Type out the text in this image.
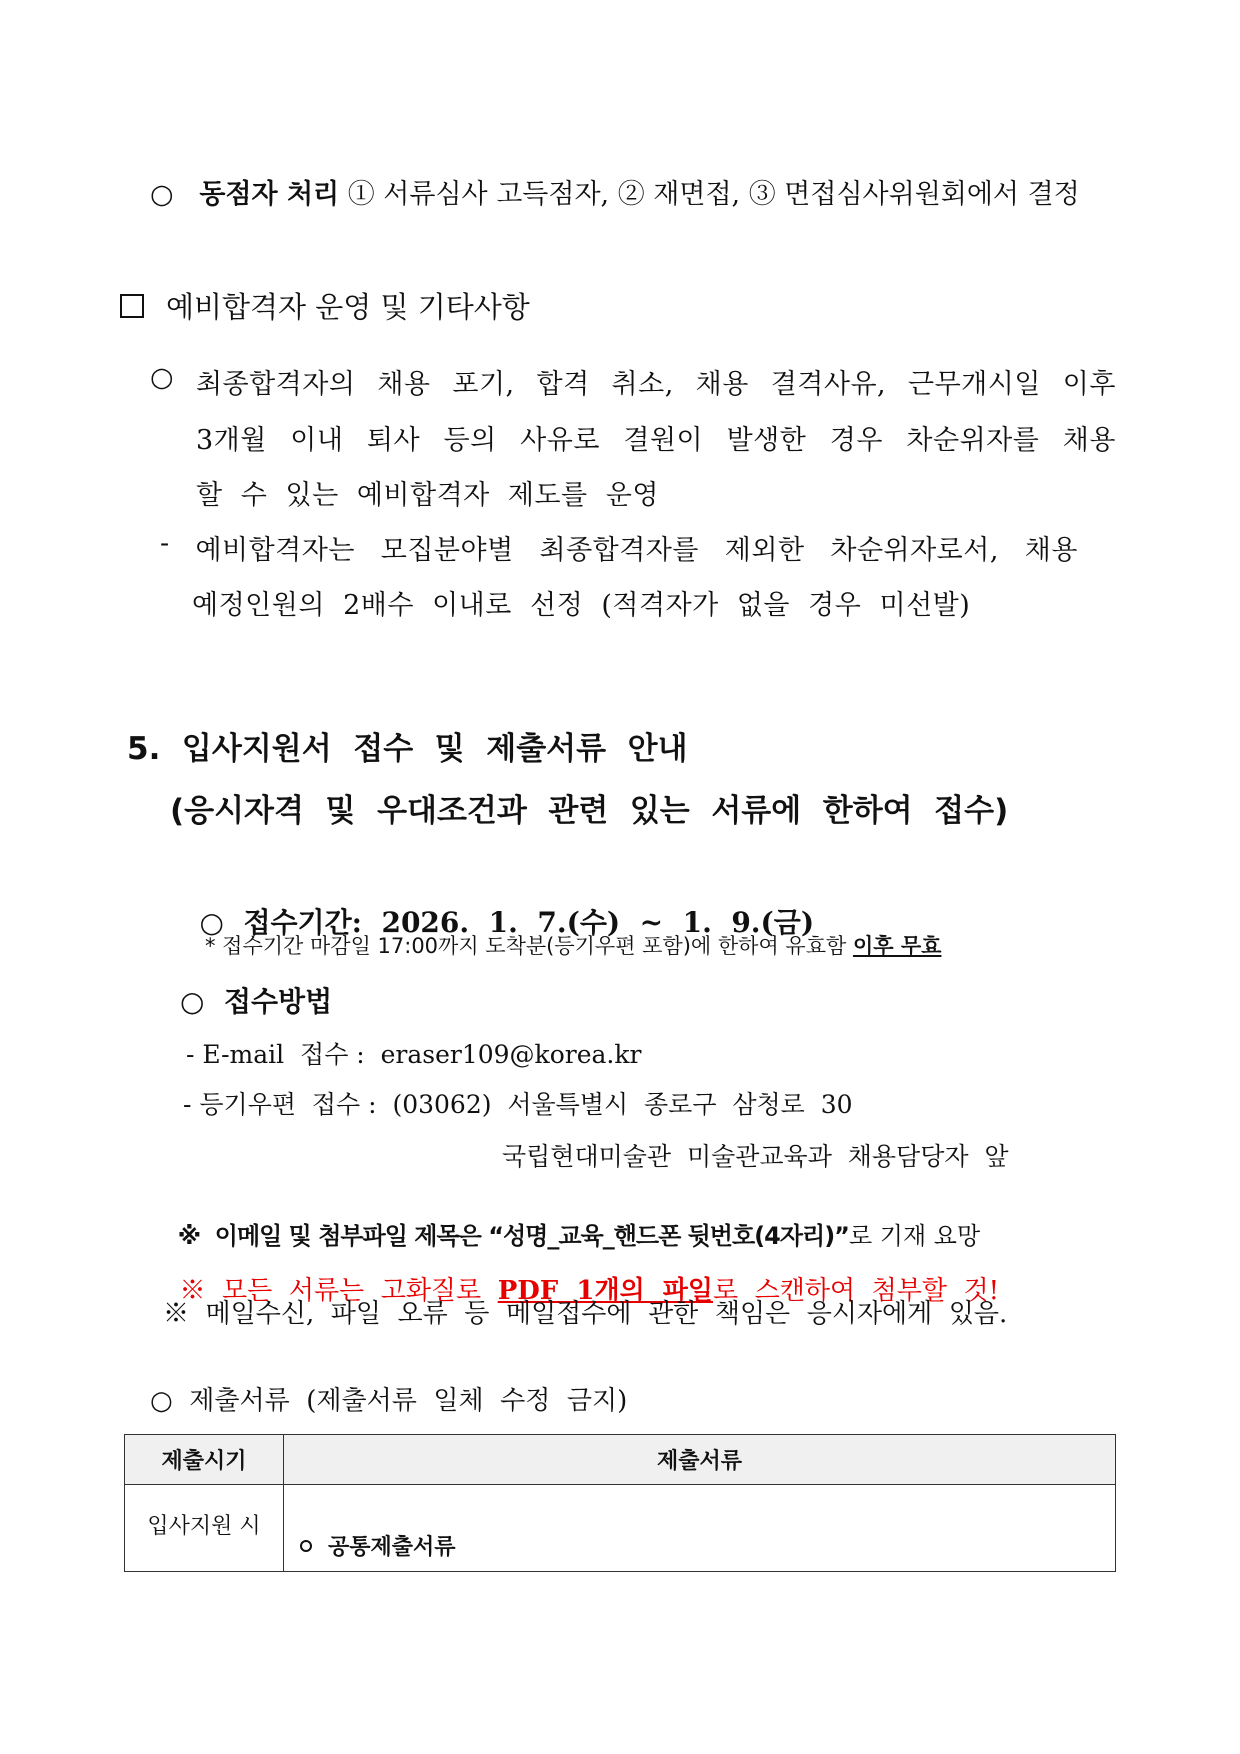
○ 동점자 처리 ① 서류심사 고득점자, ② 재면접, ③ 면접심사위원회에서 결정
예비합격자 운영 및 기타사항
○ 최종합격자의 채용 포기, 합격 취소, 채용 결격사유, 근무개시일 이후
3개월 이내 퇴사 등의 사유로 결원이 발생한 경우 차순위자를 채용
할  수  있는  예비합격자  제도를  운영
- 예비합격자는 모집분야별 최종합격자를 제외한 차순위자로서, 채용
예정인원의  2배수  이내로  선정  (적격자가  없을  경우  미선발)
5.  입사지원서  접수  및  제출서류  안내
(응시자격  및  우대조건과  관련  있는  서류에  한하여  접수)

○ 접수기간:  2026.  1.  7.(수)  ~  1.  9.(금)

* 접수기간 마감일 17:00까지 도착분(등기우편 포함)에 한하여 유효함 이후 무효
○ 접수방법
- E-mail  접수 :  eraser109@korea.kr
- 등기우편  접수 :  (03062)  서울특별시  종로구  삼청로  30
국립현대미술관  미술관교육과  채용담당자  앞

※  이메일 및 첨부파일 제목은 “성명_교육_핸드폰 뒷번호(4자리)”로 기재 요망

※  모든  서류는  고화질로  PDF  1개의  파일로  스캔하여  첨부할  것!

※  메일수신,  파일  오류  등  메일접수에  관한  책임은  응시자에게  있음.
○  제출서류  (제출서류  일체  수정  금지)
제출시기	제출서류
입사지원 시	공통제출서류
